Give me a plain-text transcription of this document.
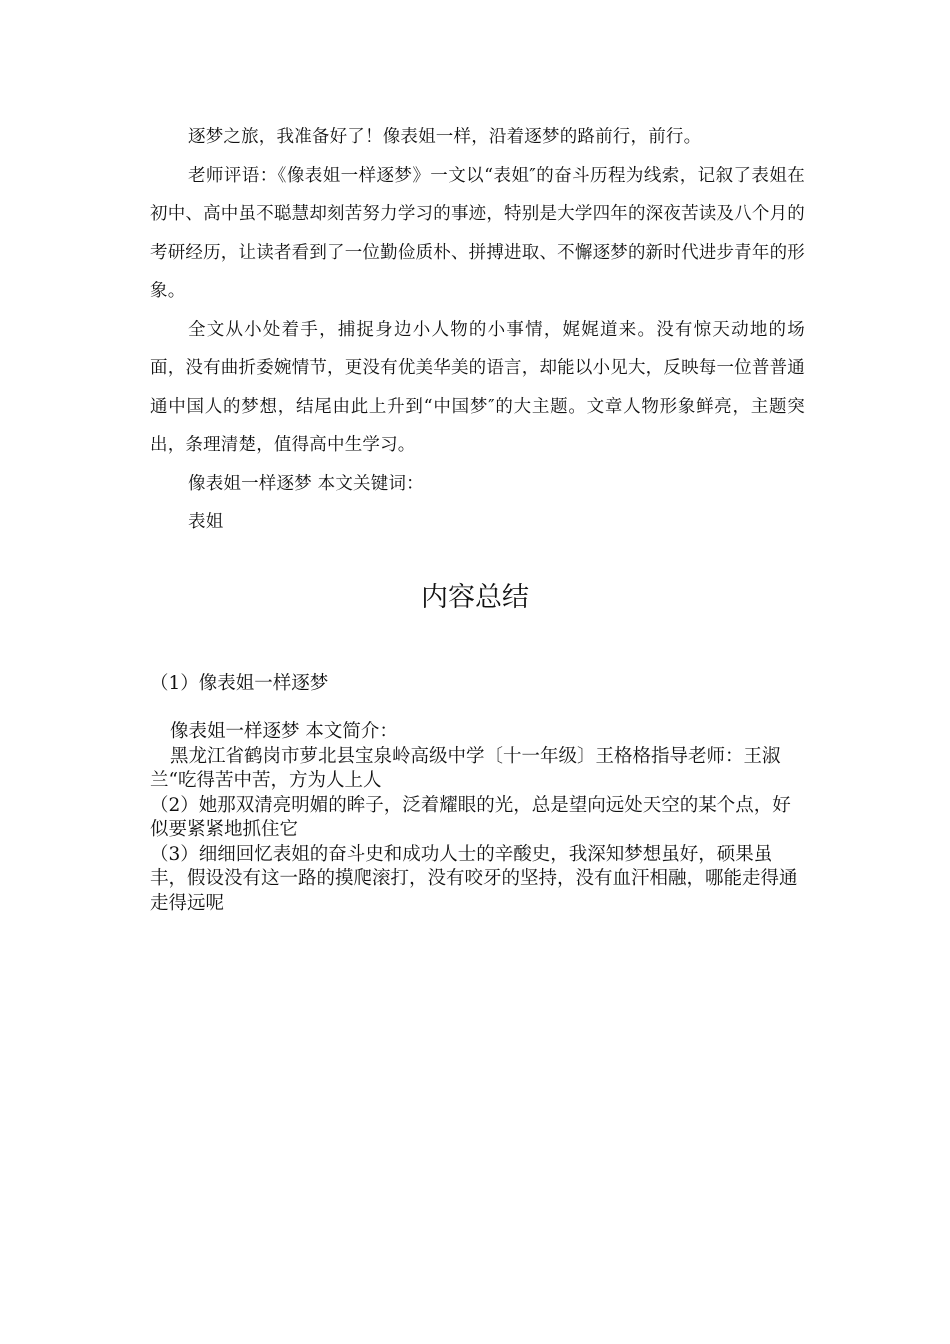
逐梦之旅，我准备好了！像表姐一样，沿着逐梦的路前行，前行。

老师评语：《像表姐一样逐梦》一文以“表姐″的奋斗历程为线索，记叙了表姐在初中、高中虽不聪慧却刻苦努力学习的事迹，特别是大学四年的深夜苦读及八个月的考研经历，让读者看到了一位勤俭质朴、拼搏进取、不懈逐梦的新时代进步青年的形象。

全文从小处着手，捕捉身边小人物的小事情，娓娓道来。没有惊天动地的场面，没有曲折委婉情节，更没有优美华美的语言，却能以小见大，反映每一位普普通通中国人的梦想，结尾由此上升到“中国梦″的大主题。文章人物形象鲜亮，主题突出，条理清楚，值得高中生学习。

像表姐一样逐梦 本文关键词：

表姐

内容总结

（1）像表姐一样逐梦

像表姐一样逐梦 本文简介：

黑龙江省鹤岗市萝北县宝泉岭高级中学〔十一年级〕王格格指导老师：王淑兰“吃得苦中苦，方为人上人

（2）她那双清亮明媚的眸子，泛着耀眼的光，总是望向远处天空的某个点，好似要紧紧地抓住它

（3）细细回忆表姐的奋斗史和成功人士的辛酸史，我深知梦想虽好，硕果虽丰，假设没有这一路的摸爬滚打，没有咬牙的坚持，没有血汗相融，哪能走得通走得远呢
